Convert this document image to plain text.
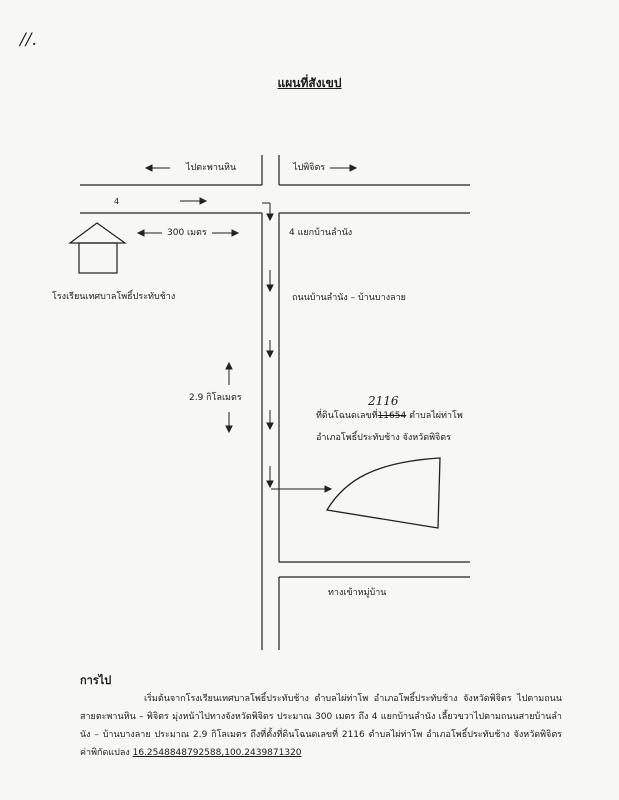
//.
แผนที่สังเขป
ไปตะพานหิน	ไปพิจิตร
4
300 เมตร	4 แยกบ้านลำนัง
โรงเรียนเทศบาลโพธิ์ประทับช้าง	ถนนบ้านลำนัง – บ้านบางลาย
2.9 กิโลเมตร	2116
ที่ดินโฉนดเลขที่11654 ตำบลไผ่ท่าโพ
อำเภอโพธิ์ประทับช้าง จังหวัดพิจิตร
ทางเข้าหมู่บ้าน
การไป
เริ่มต้นจากโรงเรียนเทศบาลโพธิ์ประทับช้าง ตำบลไผ่ท่าโพ อำเภอโพธิ์ประทับช้าง จังหวัดพิจิตร ไปตามถนนสายตะพานหิน – พิจิตร มุ่งหน้าไปทางจังหวัดพิจิตร ประมาณ 300 เมตร ถึง 4 แยกบ้านลำนัง เลี้ยวขวาไปตามถนนสายบ้านลำนัง – บ้านบางลาย ประมาณ 2.9 กิโลเมตร ถึงที่ตั้งที่ดินโฉนดเลขที่ 2116 ตำบลไผ่ท่าโพ อำเภอโพธิ์ประทับช้าง จังหวัดพิจิตร ค่าพิกัดแปลง 16.2548848792588,100.2439871320
